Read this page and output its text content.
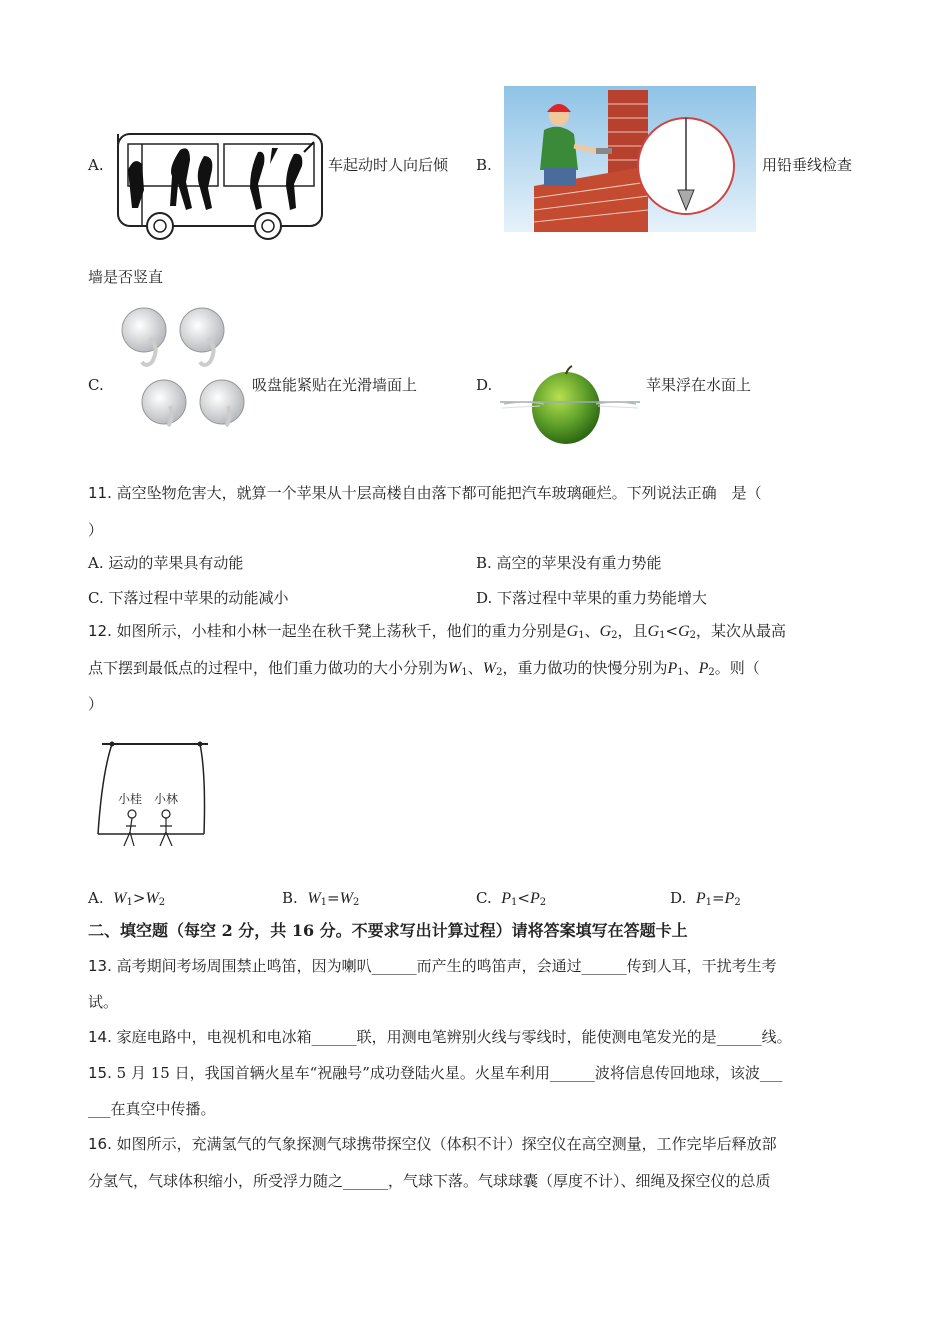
A.	车起动时人向后倾 B.	用铅垂线检查
墙是否竖直
C.	吸盘能紧贴在光滑墙面上	D.	苹果浮在水面上
11. 高空坠物危害大，就算一个苹果从十层高楼自由落下都可能把汽车玻璃砸烂。下列说法正确　是（
）
A. 运动的苹果具有动能	B. 高空的苹果没有重力势能
C. 下落过程中苹果的动能减小	D. 下落过程中苹果的重力势能增大
12. 如图所示，小桂和小林一起坐在秋千凳上荡秋千，他们的重力分别是$G_1$、$G_2$，且$G_1<G_2$，某次从最高
点下摆到最低点的过程中，他们重力做功的大小分别为$W_1$、$W_2$，重力做功的快慢分别为$P_1$、$P_2$。则（
）
小桂 小林
A. $W_1>W_2$	B. $W_1=W_2$	C. $P_1<P_2$	D. $P_1=P_2$
二、填空题（每空 2 分，共 16 分。不要求写出计算过程）请将答案填写在答题卡上
13. 高考期间考场周围禁止鸣笛，因为喇叭______而产生的鸣笛声，会通过______传到人耳，干扰考生考
试。
14. 家庭电路中，电视机和电冰箱______联，用测电笔辨别火线与零线时，能使测电笔发光的是______线。
15. 5 月 15 日，我国首辆火星车“祝融号”成功登陆火星。火星车利用______波将信息传回地球，该波___
___在真空中传播。
16. 如图所示，充满氢气的气象探测气球携带探空仪（体积不计）探空仪在高空测量，工作完毕后释放部
分氢气，气球体积缩小，所受浮力随之______，气球下落。气球球囊（厚度不计）、细绳及探空仪的总质
